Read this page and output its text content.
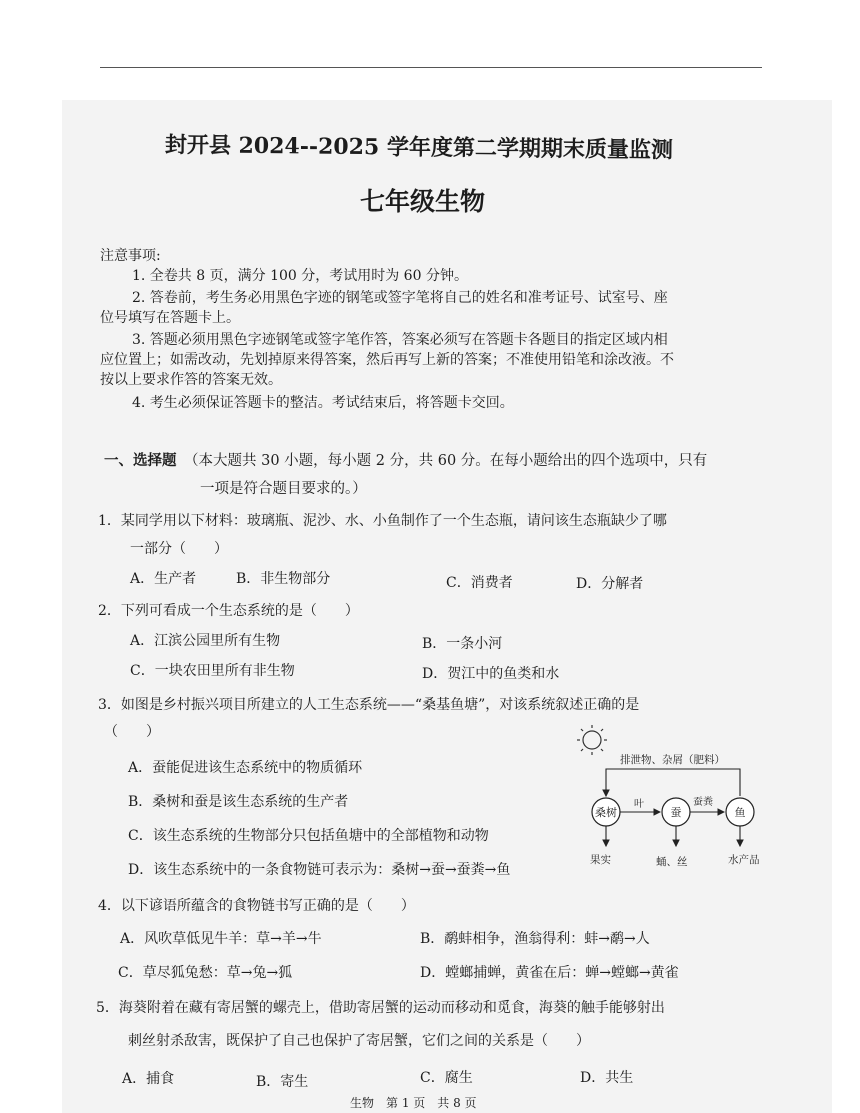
封开县 2024--2025 学年度第二学期期末质量监测
七年级生物
注意事项:
1. 全卷共 8 页，满分 100 分，考试用时为 60 分钟。
2. 答卷前，考生务必用黑色字迹的钢笔或签字笔将自己的姓名和准考证号、试室号、座
位号填写在答题卡上。
3. 答题必须用黑色字迹钢笔或签字笔作答，答案必须写在答题卡各题目的指定区域内相
应位置上；如需改动，先划掉原来得答案，然后再写上新的答案；不准使用铅笔和涂改液。不
按以上要求作答的答案无效。
4. 考生必须保证答题卡的整洁。考试结束后，将答题卡交回。
一、选择题 （本大题共 30 小题，每小题 2 分，共 60 分。在每小题给出的四个选项中，只有
一项是符合题目要求的。）
1．某同学用以下材料：玻璃瓶、泥沙、水、小鱼制作了一个生态瓶，请问该生态瓶缺少了哪
一部分（　　）
A．生产者	B．非生物部分	C．消费者	D．分解者
2．下列可看成一个生态系统的是（　　）
A．江滨公园里所有生物	B．一条小河
C．一块农田里所有非生物	D．贺江中的鱼类和水
3．如图是乡村振兴项目所建立的人工生态系统——“桑基鱼塘”，对该系统叙述正确的是
（　　）
A．蚕能促进该生态系统中的物质循环
B．桑树和蚕是该生态系统的生产者
C．该生态系统的生物部分只包括鱼塘中的全部植物和动物
D．该生态系统中的一条食物链可表示为：桑树→蚕→蚕粪→鱼
排泄物、杂屑（肥料）
桑树	蚕	鱼
叶	蚕粪
果实	蛹、丝	水产品
4．以下谚语所蕴含的食物链书写正确的是（　　）
A．风吹草低见牛羊：草→羊→牛	B．鹬蚌相争，渔翁得利：蚌→鹬→人
C．草尽狐兔愁：草→兔→狐	D．螳螂捕蝉，黄雀在后：蝉→螳螂→黄雀
5．海葵附着在藏有寄居蟹的螺壳上，借助寄居蟹的运动而移动和觅食，海葵的触手能够射出
刺丝射杀敌害，既保护了自己也保护了寄居蟹，它们之间的关系是（　　）
A．捕食	B．寄生	C．腐生	D．共生
生物　第 1 页　共 8 页
